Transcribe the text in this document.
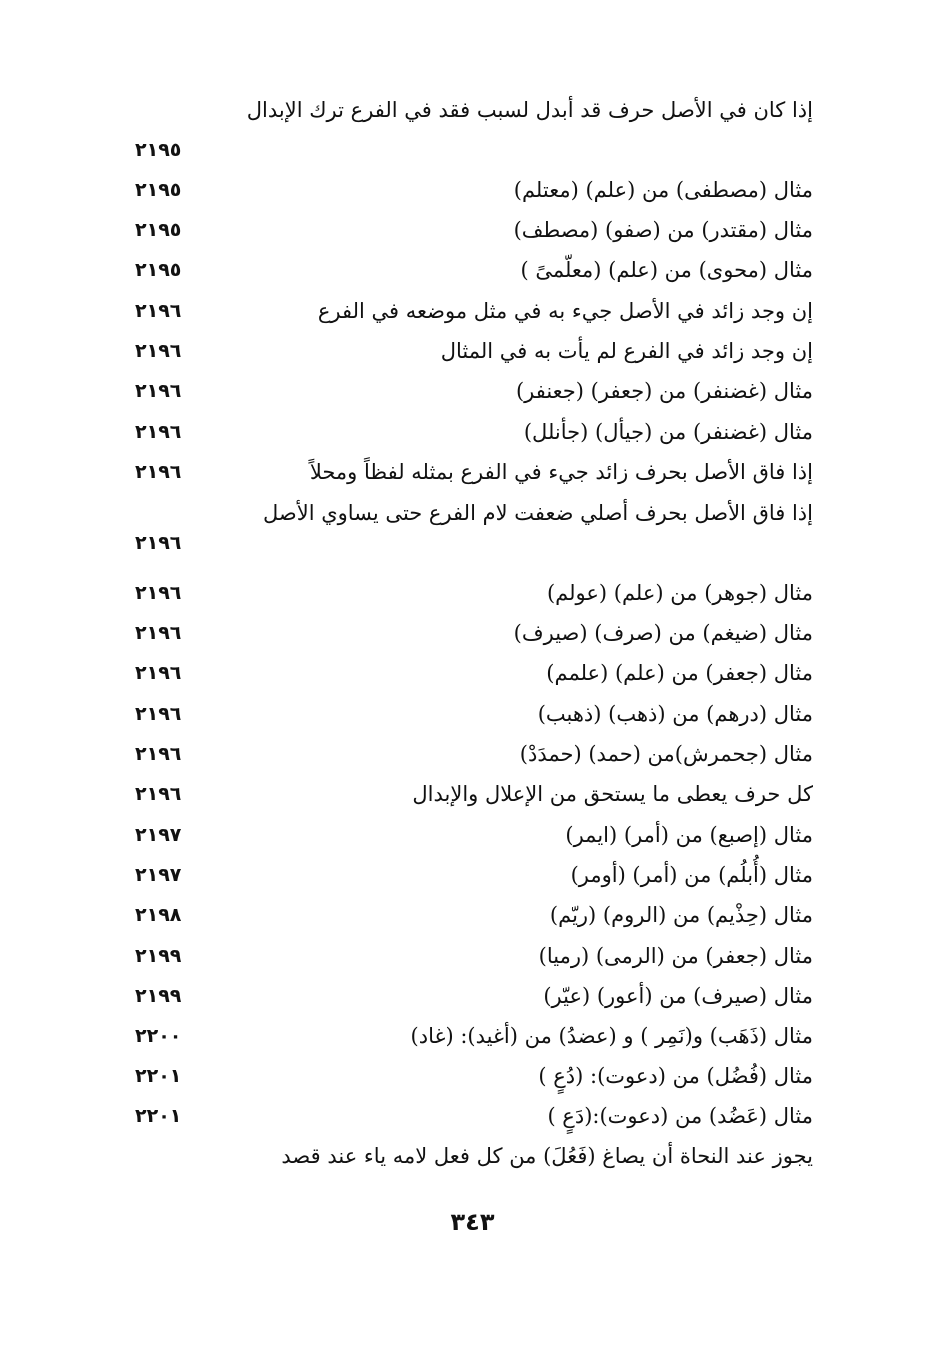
إذا كان في الأصل حرف قد أبدل لسبب فقد في الفرع ترك الإبدال
٢١٩٥
مثال (مصطفى) من (علم) (معتلم)
٢١٩٥
مثال (مقتدر) من (صفو) (مصطف)
٢١٩٥
مثال (محوى) من (علم) (معلّمىً )
٢١٩٥
إن وجد زائد في الأصل جيء به في مثل موضعه في الفرع
٢١٩٦
إن وجد زائد في الفرع لم يأت به في المثال
٢١٩٦
مثال (غضنفر) من (جعفر) (جعنفر)
٢١٩٦
مثال (غضنفر) من (جيأل) (جأنلل)
٢١٩٦
إذا فاق الأصل بحرف زائد جيء في الفرع بمثله لفظاً ومحلاً
٢١٩٦
إذا فاق الأصل بحرف أصلي ضعفت لام الفرع حتى يساوي الأصل
٢١٩٦
مثال (جوهر) من (علم) (عولم)
٢١٩٦
مثال (ضيغم) من (صرف) (صيرف)
٢١٩٦
مثال (جعفر) من (علم) (علمم)
٢١٩٦
مثال (درهم) من (ذهب) (ذهبب)
٢١٩٦
مثال (جحمرش)من (حمد) (حمدَدْ)
٢١٩٦
كل حرف يعطى ما يستحق من الإعلال والإبدال
٢١٩٦
مثال (إصبع) من (أمر) (ايمر)
٢١٩٧
مثال (أُبلُم) من (أمر) (أومر)
٢١٩٧
مثال (حِذْيم) من (الروم) (ريّم)
٢١٩٨
مثال (جعفر) من (الرمى) (رميا)
٢١٩٩
مثال (صيرف) من (أعور) (عيّر)
٢١٩٩
مثال (ذَهَب) و(نَمِر ) و (عضدُ) من (أغيد): (غاد)
٢٢٠٠
مثال (فُضُل) من (دعوت): (دُعٍ )
٢٢٠١
مثال (عَضُد) من (دعوت):(دَعٍ )
٢٢٠١
يجوز عند النحاة أن يصاغ (فَعُلَ) من كل فعل لامه ياء عند قصد
٣٤٣
